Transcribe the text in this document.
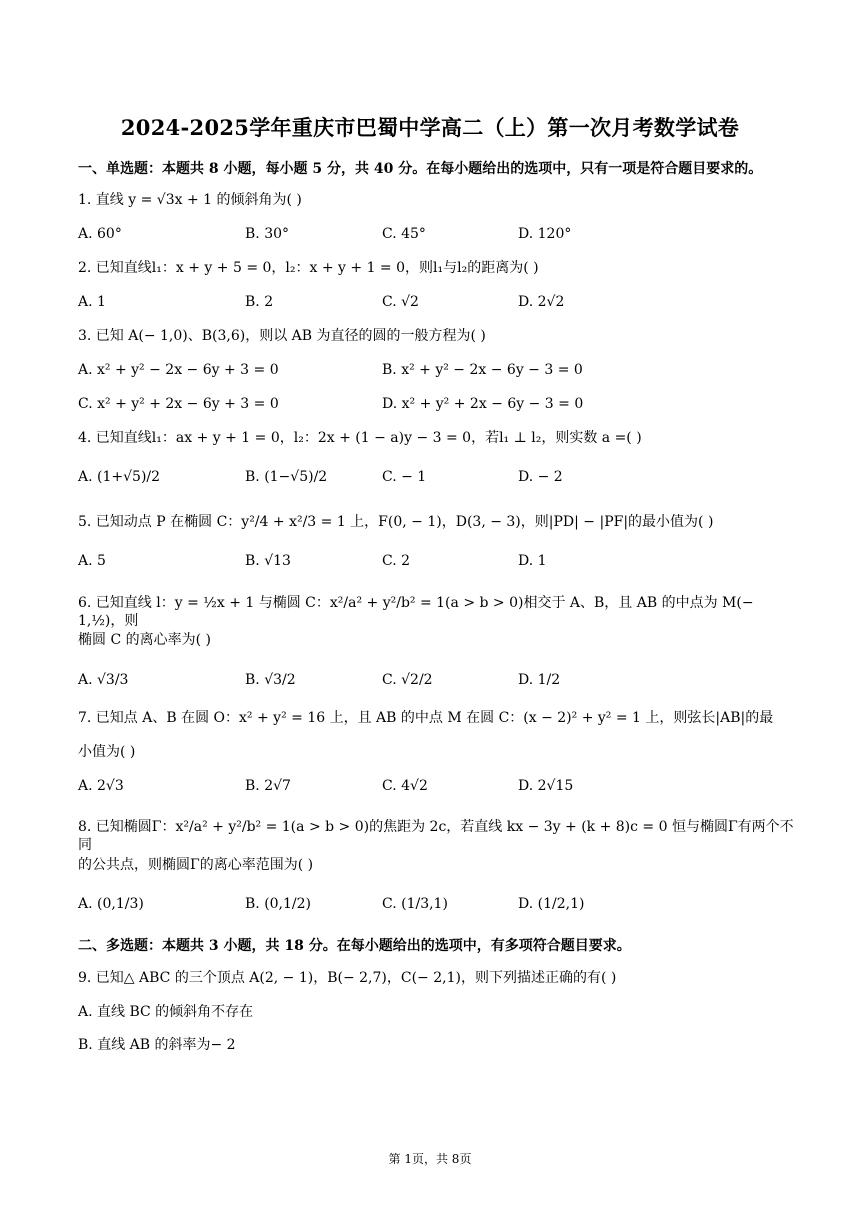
2024-2025学年重庆市巴蜀中学高二（上）第一次月考数学试卷
一、单选题：本题共 8 小题，每小题 5 分，共 40 分。在每小题给出的选项中，只有一项是符合题目要求的。
1. 直线 y = √3x + 1 的倾斜角为( )
A. 60°	B. 30°	C. 45°	D. 120°
2. 已知直线l₁：x + y + 5 = 0，l₂：x + y + 1 = 0，则l₁与l₂的距离为( )
A. 1	B. 2	C. √2	D. 2√2
3. 已知 A(− 1,0)、B(3,6)，则以 AB 为直径的圆的一般方程为( )
A. x² + y² − 2x − 6y + 3 = 0	B. x² + y² − 2x − 6y − 3 = 0
C. x² + y² + 2x − 6y + 3 = 0	D. x² + y² + 2x − 6y − 3 = 0
4. 已知直线l₁：ax + y + 1 = 0，l₂：2x + (1 − a)y − 3 = 0，若l₁ ⊥ l₂，则实数 a =( )
A. (1+√5)/2	B. (1−√5)/2	C. − 1	D. − 2
5. 已知动点 P 在椭圆 C：y²/4 + x²/3 = 1 上，F(0, − 1)，D(3, − 3)，则|PD| − |PF|的最小值为( )
A. 5	B. √13	C. 2	D. 1
6. 已知直线 l：y = ½x + 1 与椭圆 C：x²/a² + y²/b² = 1(a > b > 0)相交于 A、B，且 AB 的中点为 M(− 1,½)，则
椭圆 C 的离心率为( )
A. √3/3	B. √3/2	C. √2/2	D. 1/2
7. 已知点 A、B 在圆 O：x² + y² = 16 上，且 AB 的中点 M 在圆 C：(x − 2)² + y² = 1 上，则弦长|AB|的最
小值为( )
A. 2√3	B. 2√7	C. 4√2	D. 2√15
8. 已知椭圆Γ：x²/a² + y²/b² = 1(a > b > 0)的焦距为 2c，若直线 kx − 3y + (k + 8)c = 0 恒与椭圆Γ有两个不同
的公共点，则椭圆Γ的离心率范围为( )
A. (0,1/3)	B. (0,1/2)	C. (1/3,1)	D. (1/2,1)
二、多选题：本题共 3 小题，共 18 分。在每小题给出的选项中，有多项符合题目要求。
9. 已知△ ABC 的三个顶点 A(2, − 1)，B(− 2,7)，C(− 2,1)，则下列描述正确的有( )
A. 直线 BC 的倾斜角不存在
B. 直线 AB 的斜率为− 2
第 1页，共 8页
